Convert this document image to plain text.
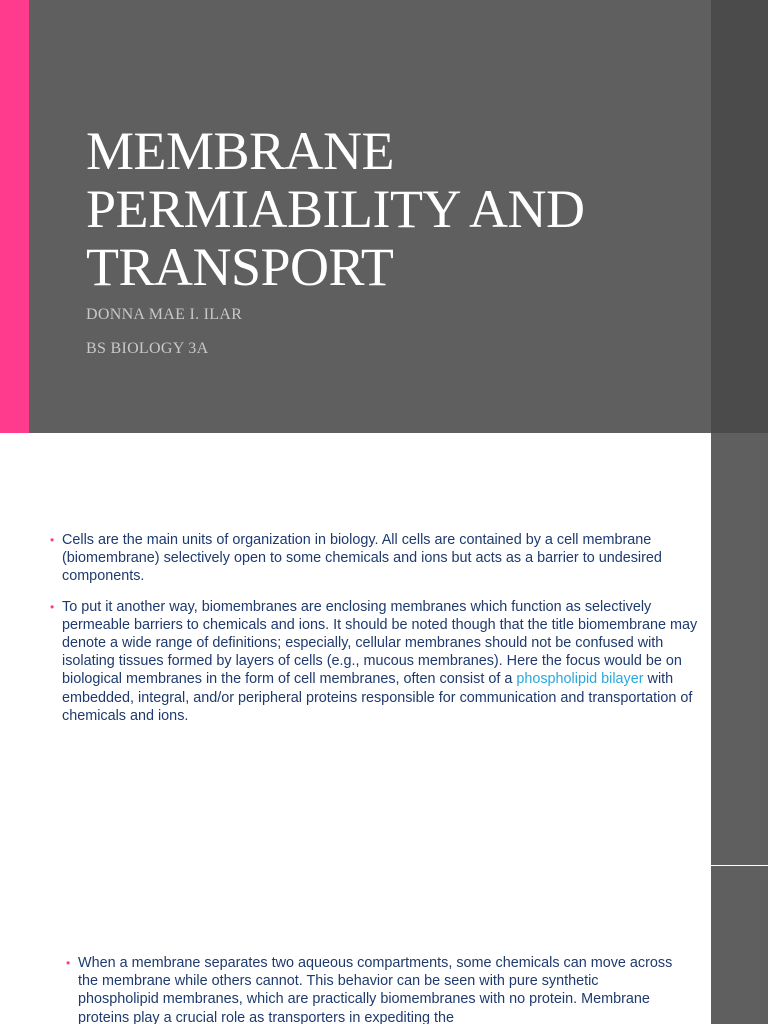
MEMBRANE
PERMIABILITY AND
TRANSPORT

DONNA MAE I. ILAR

BS BIOLOGY 3A

• Cells are the main units of organization in biology. All cells are contained by a cell membrane (biomembrane) selectively open to some chemicals and ions but acts as a barrier to undesired components.
• To put it another way, biomembranes are enclosing membranes which function as selectively permeable barriers to chemicals and ions. It should be noted though that the title biomembrane may denote a wide range of definitions; especially, cellular membranes should not be confused with isolating tissues formed by layers of cells (e.g., mucous membranes). Here the focus would be on biological membranes in the form of cell membranes, often consist of a phospholipid bilayer with embedded, integral, and/or peripheral proteins responsible for communication and transportation of chemicals and ions.
• When a membrane separates two aqueous compartments, some chemicals can move across the membrane while others cannot. This behavior can be seen with pure synthetic phospholipid membranes, which are practically biomembranes with no protein. Membrane proteins play a crucial role as transporters in expediting the
